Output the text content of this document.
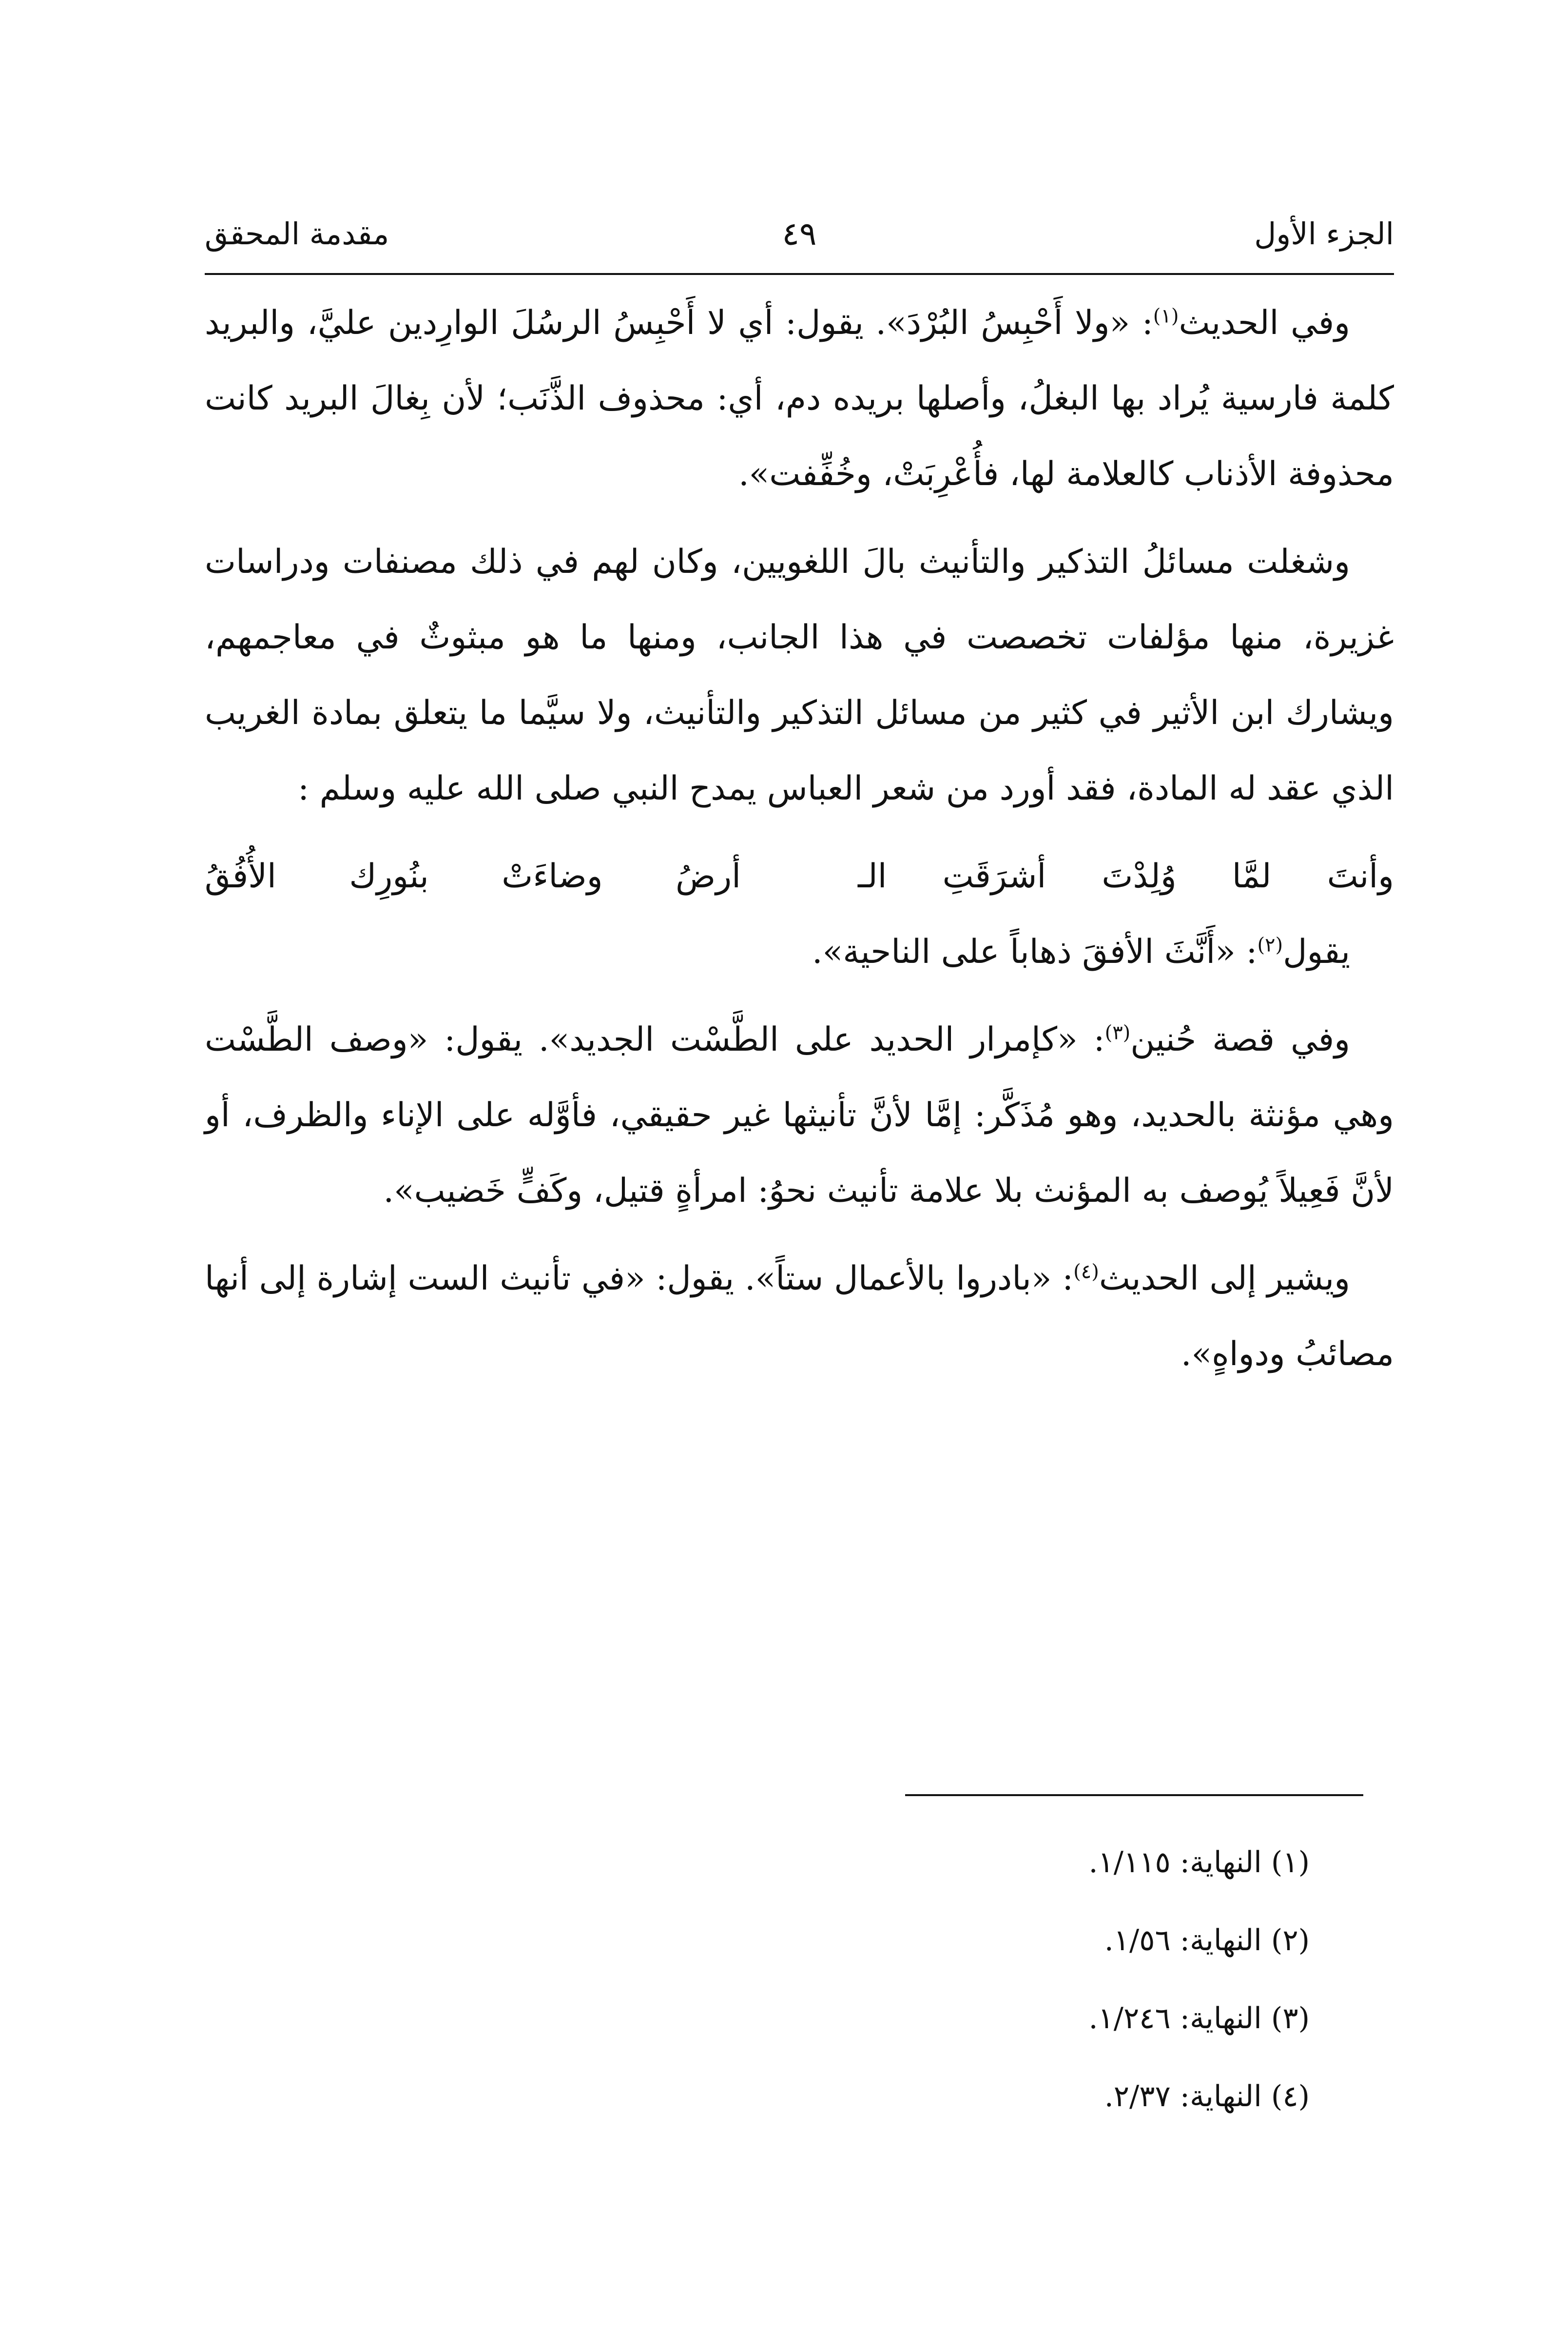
الجزء الأول
٤٩
مقدمة المحقق

وفي الحديث$^{(١)}$: «ولا أَحْبِسُ البُرْدَ». يقول: أي لا أَحْبِسُ الرسُلَ الوارِدين عليَّ، والبريد كلمة فارسية يُراد بها البغلُ، وأصلها بريده دم، أي: محذوف الذَّنَب؛ لأن بِغالَ البريد كانت محذوفة الأذناب كالعلامة لها، فأُعْرِبَتْ، وخُفِّفت».

وشغلت مسائلُ التذكير والتأنيث بالَ اللغويين، وكان لهم في ذلك مصنفات ودراسات غزيرة، منها مؤلفات تخصصت في هذا الجانب، ومنها ما هو مبثوثٌ في معاجمهم، ويشارك ابن الأثير في كثير من مسائل التذكير والتأنيث، ولا سيَّما ما يتعلق بمادة الغريب الذي عقد له المادة، فقد أورد من شعر العباس يمدح النبي صلى الله عليه وسلم :

وأنتَ
لمَّا
وُلِدْتَ
أشرَقَتِ
الـ
أرضُ
وضاءَتْ
بنُورِك
الأُفُقُ

يقول$^{(٢)}$: «أَنَّثَ الأفقَ ذهاباً على الناحية».

وفي قصة حُنين$^{(٣)}$: «كإمرار الحديد على الطَّسْت الجديد». يقول: «وصف الطَّسْت وهي مؤنثة بالحديد، وهو مُذَكَّر: إمَّا لأنَّ تأنيثها غير حقيقي، فأوَّله على الإناء والظرف، أو لأنَّ فَعِيلاً يُوصف به المؤنث بلا علامة تأنيث نحوُ: امرأةٍ قتيل، وكَفٍّ خَضيب».

ويشير إلى الحديث$^{(٤)}$: «بادروا بالأعمال ستاً». يقول: «في تأنيث الست إشارة إلى أنها مصائبُ ودواهٍ».

(١) النهاية: ١/١١٥.
(٢) النهاية: ١/٥٦.
(٣) النهاية: ١/٢٤٦.
(٤) النهاية: ٢/٣٧.
